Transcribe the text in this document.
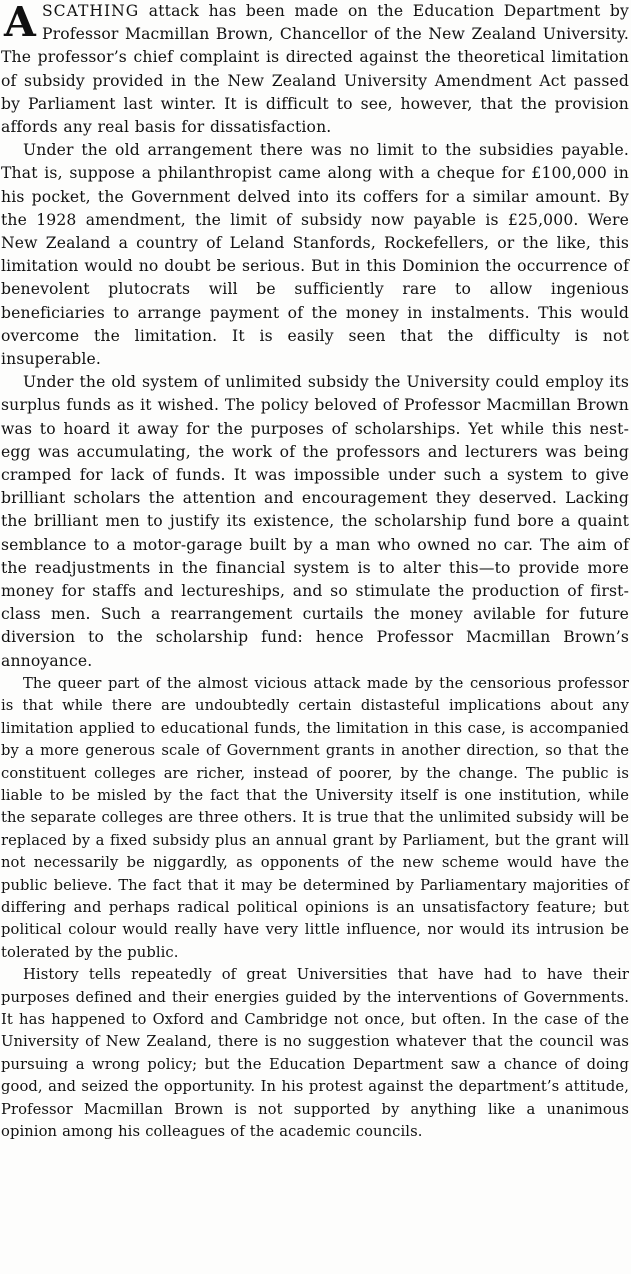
ASCATHING attack has been made on the Education Department by Professor Macmillan Brown, Chancellor of the New Zealand University. The professor’s chief complaint is directed against the theoretical limitation of subsidy provided in the New Zealand University Amendment Act passed by Parliament last winter. It is difficult to see, however, that the provision affords any real basis for dissatisfaction.

Under the old arrangement there was no limit to the subsidies payable. That is, suppose a philanthropist came along with a cheque for £100,000 in his pocket, the Government delved into its coffers for a similar amount. By the 1928 amendment, the limit of subsidy now payable is £25,000. Were New Zealand a country of Leland Stanfords, Rockefellers, or the like, this limitation would no doubt be serious. But in this Dominion the occurrence of benevolent plutocrats will be sufficiently rare to allow ingenious beneficiaries to arrange payment of the money in instalments. This would overcome the limitation. It is easily seen that the difficulty is not insuperable.

Under the old system of unlimited subsidy the University could employ its surplus funds as it wished. The policy beloved of Professor Macmillan Brown was to hoard it away for the purposes of scholarships. Yet while this nest-egg was accumulating, the work of the professors and lecturers was being cramped for lack of funds. It was impossible under such a system to give brilliant scholars the attention and encouragement they deserved. Lacking the brilliant men to justify its existence, the scholarship fund bore a quaint semblance to a motor-garage built by a man who owned no car. The aim of the readjustments in the financial system is to alter this—to provide more money for staffs and lectureships, and so stimulate the production of first-class men. Such a rearrangement curtails the money avilable for future diversion to the scholarship fund: hence Professor Macmillan Brown’s annoyance.

The queer part of the almost vicious attack made by the censorious professor is that while there are undoubtedly certain distasteful implications about any limitation applied to educational funds, the limitation in this case, is accompanied by a more generous scale of Government grants in another direction, so that the constituent colleges are richer, instead of poorer, by the change. The public is liable to be misled by the fact that the University itself is one institution, while the separate colleges are three others. It is true that the unlimited subsidy will be replaced by a fixed subsidy plus an annual grant by Parliament, but the grant will not necessarily be niggardly, as opponents of the new scheme would have the public believe. The fact that it may be determined by Parliamentary majorities of differing and perhaps radical political opinions is an unsatisfactory feature; but political colour would really have very little influence, nor would its intrusion be tolerated by the public.

History tells repeatedly of great Universities that have had to have their purposes defined and their energies guided by the interventions of Governments. It has happened to Oxford and Cambridge not once, but often. In the case of the University of New Zealand, there is no suggestion whatever that the council was pursuing a wrong policy; but the Education Department saw a chance of doing good, and seized the opportunity. In his protest against the department’s attitude, Professor Macmillan Brown is not supported by anything like a unanimous opinion among his colleagues of the academic councils.
